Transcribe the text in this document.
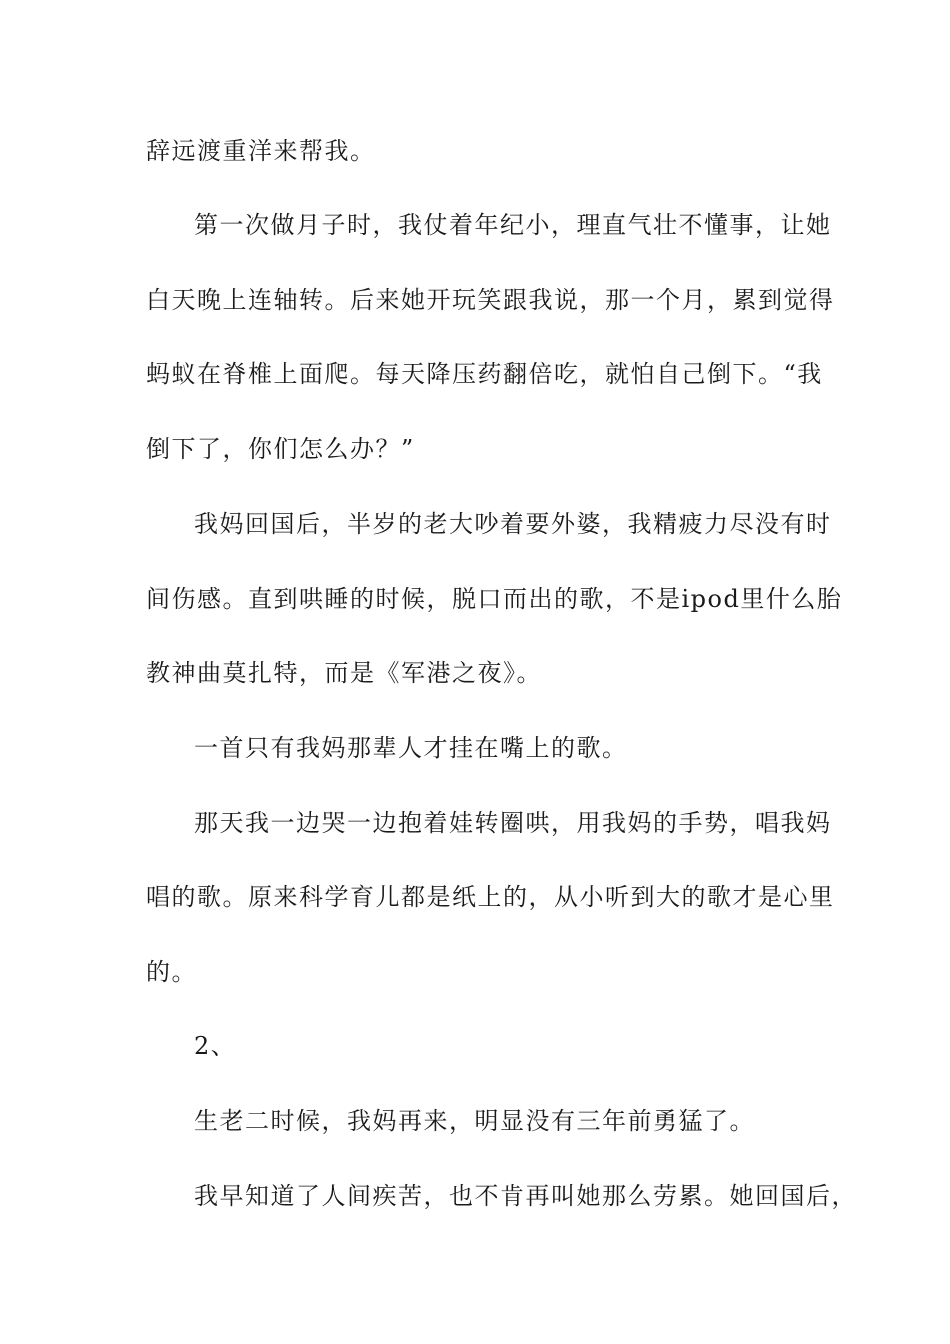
辞远渡重洋来帮我。

第一次做月子时，我仗着年纪小，理直气壮不懂事，让她

白天晚上连轴转。后来她开玩笑跟我说，那一个月，累到觉得

蚂蚁在脊椎上面爬。每天降压药翻倍吃，就怕自己倒下。“我

倒下了，你们怎么办？”

我妈回国后，半岁的老大吵着要外婆，我精疲力尽没有时

间伤感。直到哄睡的时候，脱口而出的歌，不是ipod里什么胎

教神曲莫扎特，而是《军港之夜》。

一首只有我妈那辈人才挂在嘴上的歌。

那天我一边哭一边抱着娃转圈哄，用我妈的手势，唱我妈

唱的歌。原来科学育儿都是纸上的，从小听到大的歌才是心里

的。

2、

生老二时候，我妈再来，明显没有三年前勇猛了。

我早知道了人间疾苦，也不肯再叫她那么劳累。她回国后，
